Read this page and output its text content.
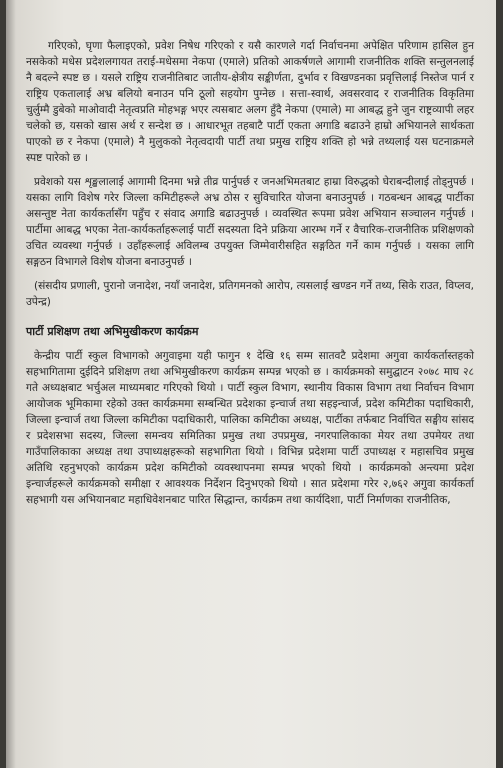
गरिएको, घृणा फैलाइएको, प्रवेश निषेध गरिएको र यसै कारणले गर्दा निर्वाचनमा अपेक्षित परिणाम हासिल हुन नसकेको मधेस प्रदेशलगायत तराई-मधेसमा नेकपा (एमाले) प्रतिको आकर्षणले आगामी राजनीतिक शक्ति सन्तुलनलाई नै बदल्ने स्पष्ट छ । यसले राष्ट्रिय राजनीतिबाट जातीय-क्षेत्रीय सङ्कीर्णता, दुर्भाव र विखण्डनका प्रवृत्तिलाई निस्तेज पार्न र राष्ट्रिय एकतालाई अभ्र बलियो बनाउन पनि ठूलो सहयोग पुग्नेछ । सत्ता-स्वार्थ, अवसरवाद र राजनीतिक विकृतिमा चुर्लुम्मै डुबेको माओवादी नेतृत्वप्रति मोहभङ्ग भएर त्यसबाट अलग हुँदै नेकपा (एमाले) मा आबद्ध हुने जुन राष्ट्रव्यापी लहर चलेको छ, यसको खास अर्थ र सन्देश छ । आधारभूत तहबाटै पार्टी एकता अगाडि बढाउने हाम्रो अभियानले सार्थकता पाएको छ र नेकपा (एमाले) नै मुलुकको नेतृत्वदायी पार्टी तथा प्रमुख राष्ट्रिय शक्ति हो भन्ने तथ्यलाई यस घटनाक्रमले स्पष्ट पारेको छ ।

प्रवेशको यस शृङ्खलालाई आगामी दिनमा भन्ने तीव्र पार्नुपर्छ र जनअभिमतबाट हाम्रा विरुद्धको घेराबन्दीलाई तोड्नुपर्छ । यसका लागि विशेष गरेर जिल्ला कमिटीहरूले अभ्र ठोस र सुविचारित योजना बनाउनुपर्छ । गठबन्धन आबद्ध पार्टीका असन्तुष्ट नेता कार्यकर्तासँग पहुँच र संवाद अगाडि बढाउनुपर्छ । व्यवस्थित रूपमा प्रवेश अभियान सञ्चालन गर्नुपर्छ । पार्टीमा आबद्ध भएका नेता-कार्यकर्ताहरूलाई पार्टी सदस्यता दिने प्रक्रिया आरम्भ गर्ने र वैचारिक-राजनीतिक प्रशिक्षणको उचित व्यवस्था गर्नुपर्छ । उहाँहरूलाई अविलम्ब उपयुक्त जिम्मेवारीसहित सङ्गठित गर्ने काम गर्नुपर्छ । यसका लागि सङ्गठन विभागले विशेष योजना बनाउनुपर्छ ।

(संसदीय प्रणाली, पुरानो जनादेश, नयाँ जनादेश, प्रतिगमनको आरोप, त्यसलाई खण्डन गर्ने तथ्य, सिके राउत, विप्लव, उपेन्द्र)

पार्टी प्रशिक्षण तथा अभिमुखीकरण कार्यक्रम

केन्द्रीय पार्टी स्कुल विभागको अगुवाइमा यही फागुन १ देखि १६ सम्म सातवटै प्रदेशमा अगुवा कार्यकर्तास्तहको सहभागितामा दुईदिने प्रशिक्षण तथा अभिमुखीकरण कार्यक्रम सम्पन्न भएको छ । कार्यक्रमको समुद्घाटन २०७८ माघ २८ गते अध्यक्षबाट भर्चुअल माध्यमबाट गरिएको थियो । पार्टी स्कुल विभाग, स्थानीय विकास विभाग तथा निर्वाचन विभाग आयोजक भूमिकामा रहेको उक्त कार्यक्रममा सम्बन्धित प्रदेशका इन्चार्ज तथा सहइन्चार्ज, प्रदेश कमिटीका पदाधिकारी, जिल्ला इन्चार्ज तथा जिल्ला कमिटीका पदाधिकारी, पालिका कमिटीका अध्यक्ष, पार्टीका तर्फबाट निर्वाचित सङ्घीय सांसद र प्रदेशसभा सदस्य, जिल्ला समन्वय समितिका प्रमुख तथा उपप्रमुख, नगरपालिकाका मेयर तथा उपमेयर तथा गाउँपालिकाका अध्यक्ष तथा उपाध्यक्षहरूको सहभागिता थियो । विभिन्न प्रदेशमा पार्टी उपाध्यक्ष र महासचिव प्रमुख अतिथि रहनुभएको कार्यक्रम प्रदेश कमिटीको व्यवस्थापनमा सम्पन्न भएको थियो । कार्यक्रमको अन्त्यमा प्रदेश इन्चार्जहरूले कार्यक्रमको समीक्षा र आवश्यक निर्देशन दिनुभएको थियो । सात प्रदेशमा गरेर २,७६२ अगुवा कार्यकर्ता सहभागी यस अभियानबाट महाधिवेशनबाट पारित सिद्धान्त, कार्यक्रम तथा कार्यदिशा, पार्टी निर्माणका राजनीतिक,
